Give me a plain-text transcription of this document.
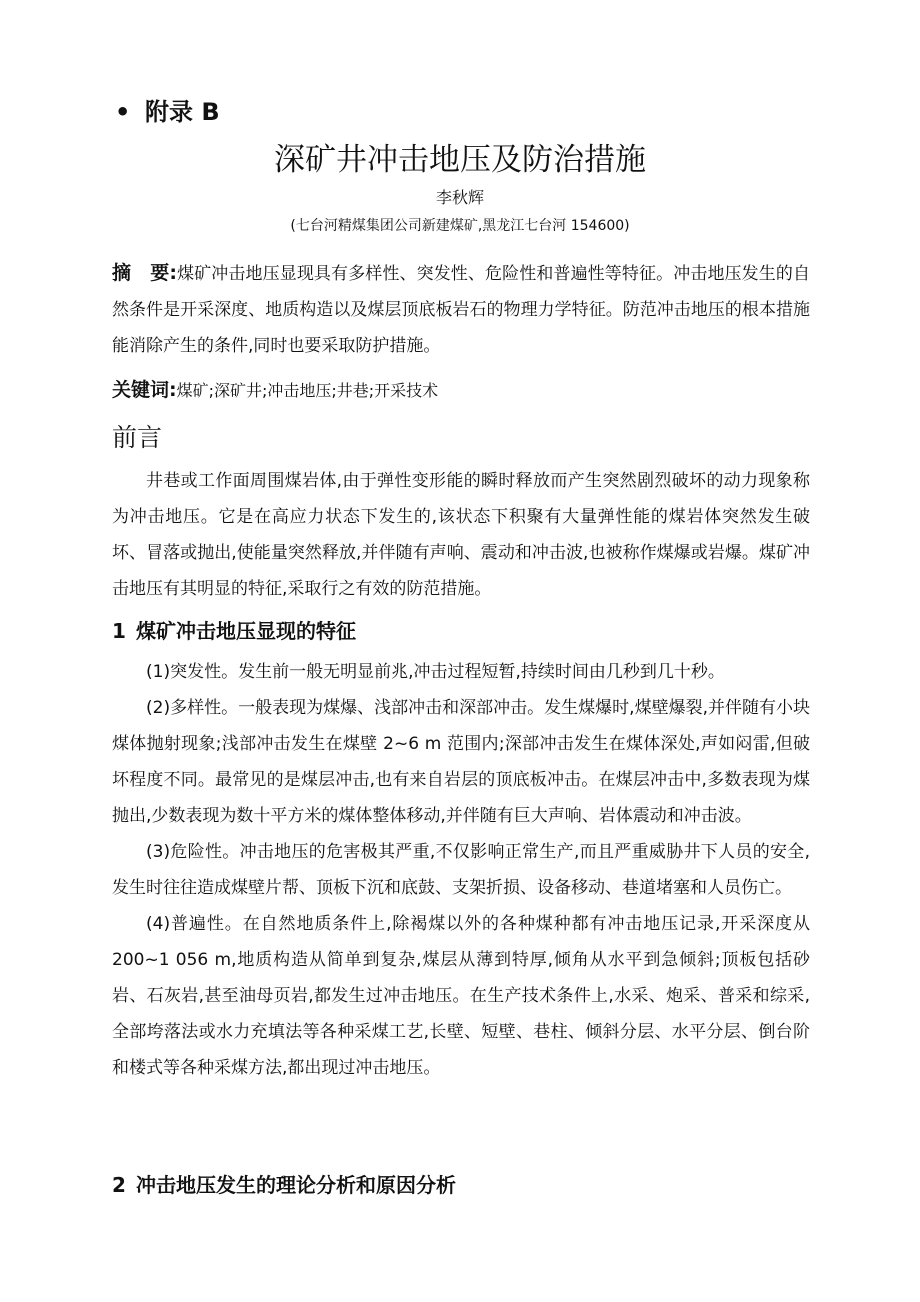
• 附录 B
深矿井冲击地压及防治措施
李秋辉
(七台河精煤集团公司新建煤矿,黑龙江七台河 154600)
摘　要:煤矿冲击地压显现具有多样性、突发性、危险性和普遍性等特征。冲击地压发生的自然条件是开采深度、地质构造以及煤层顶底板岩石的物理力学特征。防范冲击地压的根本措施能消除产生的条件,同时也要采取防护措施。
关键词:煤矿;深矿井;冲击地压;井巷;开采技术
前言
井巷或工作面周围煤岩体,由于弹性变形能的瞬时释放而产生突然剧烈破坏的动力现象称为冲击地压。它是在高应力状态下发生的,该状态下积聚有大量弹性能的煤岩体突然发生破坏、冒落或抛出,使能量突然释放,并伴随有声响、震动和冲击波,也被称作煤爆或岩爆。煤矿冲击地压有其明显的特征,采取行之有效的防范措施。
1 煤矿冲击地压显现的特征

(1)突发性。发生前一般无明显前兆,冲击过程短暂,持续时间由几秒到几十秒。

(2)多样性。一般表现为煤爆、浅部冲击和深部冲击。发生煤爆时,煤壁爆裂,并伴随有小块煤体抛射现象;浅部冲击发生在煤壁 2~6 m 范围内;深部冲击发生在煤体深处,声如闷雷,但破坏程度不同。最常见的是煤层冲击,也有来自岩层的顶底板冲击。在煤层冲击中,多数表现为煤抛出,少数表现为数十平方米的煤体整体移动,并伴随有巨大声响、岩体震动和冲击波。

(3)危险性。冲击地压的危害极其严重,不仅影响正常生产,而且严重威胁井下人员的安全,发生时往往造成煤壁片帮、顶板下沉和底鼓、支架折损、设备移动、巷道堵塞和人员伤亡。

(4)普遍性。在自然地质条件上,除褐煤以外的各种煤种都有冲击地压记录,开采深度从 200~1 056 m,地质构造从简单到复杂,煤层从薄到特厚,倾角从水平到急倾斜;顶板包括砂岩、石灰岩,甚至油母页岩,都发生过冲击地压。在生产技术条件上,水采、炮采、普采和综采,全部垮落法或水力充填法等各种采煤工艺,长壁、短壁、巷柱、倾斜分层、水平分层、倒台阶和楼式等各种采煤方法,都出现过冲击地压。

2 冲击地压发生的理论分析和原因分析
